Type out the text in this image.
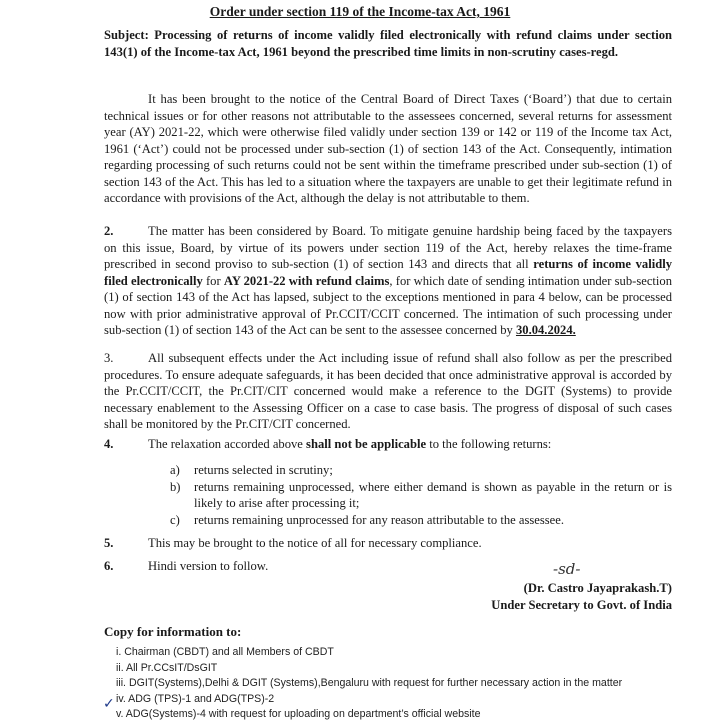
Order under section 119 of the Income-tax Act, 1961
Subject: Processing of returns of income validly filed electronically with refund claims under section 143(1) of the Income-tax Act, 1961 beyond the prescribed time limits in non-scrutiny cases-regd.
It has been brought to the notice of the Central Board of Direct Taxes (‘Board’) that due to certain technical issues or for other reasons not attributable to the assessees concerned, several returns for assessment year (AY) 2021-22, which were otherwise filed validly under section 139 or 142 or 119 of the Income tax Act, 1961 (‘Act’) could not be processed under sub-section (1) of section 143 of the Act. Consequently, intimation regarding processing of such returns could not be sent within the timeframe prescribed under sub-section (1) of section 143 of the Act. This has led to a situation where the taxpayers are unable to get their legitimate refund in accordance with provisions of the Act, although the delay is not attributable to them.
2.	The matter has been considered by Board. To mitigate genuine hardship being faced by the taxpayers on this issue, Board, by virtue of its powers under section 119 of the Act, hereby relaxes the time-frame prescribed in second proviso to sub-section (1) of section 143 and directs that all returns of income validly filed electronically for AY 2021-22 with refund claims, for which date of sending intimation under sub-section (1) of section 143 of the Act has lapsed, subject to the exceptions mentioned in para 4 below, can be processed now with prior administrative approval of Pr.CCIT/CCIT concerned. The intimation of such processing under sub-section (1) of section 143 of the Act can be sent to the assessee concerned by 30.04.2024.
3.	All subsequent effects under the Act including issue of refund shall also follow as per the prescribed procedures. To ensure adequate safeguards, it has been decided that once administrative approval is accorded by the Pr.CCIT/CCIT, the Pr.CIT/CIT concerned would make a reference to the DGIT (Systems) to provide necessary enablement to the Assessing Officer on a case to case basis. The progress of disposal of such cases shall be monitored by the Pr.CIT/CIT concerned.
4.	The relaxation accorded above shall not be applicable to the following returns:
a)	returns selected in scrutiny;
b)	returns remaining unprocessed, where either demand is shown as payable in the return or is likely to arise after processing it;
c)	returns remaining unprocessed for any reason attributable to the assessee.
5.	This may be brought to the notice of all for necessary compliance.
6.	Hindi version to follow.	-sd-
(Dr. Castro Jayaprakash.T)
Under Secretary to Govt. of India
Copy for information to:
i. Chairman (CBDT) and all Members of CBDT
ii. All Pr.CCsIT/DsGIT
iii. DGIT(Systems),Delhi & DGIT (Systems),Bengaluru with request for further necessary action in the matter
iv. ADG (TPS)-1 and ADG(TPS)-2
v. ADG(Systems)-4 with request for uploading on department’s official website
✓
